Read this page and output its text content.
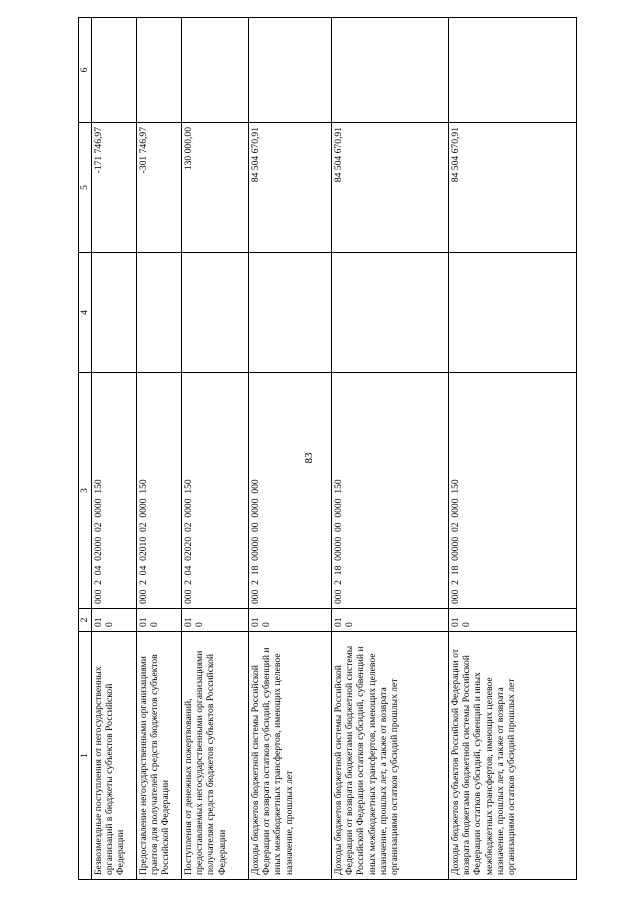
83
1	2	3	4	5	6
Безвозмездные поступления от негосударственных организаций в бюджеты субъектов Российской Федерации	010	000  2  04  02000  02  0000  150		-171 746,97	
Предоставление негосударственными организациями грантов для получателей средств бюджетов субъектов Российской Федерации	010	000  2  04  02010  02  0000  150		-301 746,97	
Поступления от денежных пожертвований, предоставляемых негосударственными организациями получателям средств бюджетов субъектов Российской Федерации	010	000  2  04  02020  02  0000  150		130 000,00	
Доходы бюджетов бюджетной системы Российской Федерации от возврата остатков субсидий, субвенций и иных межбюджетных трансфертов, имеющих целевое назначение, прошлых лет	010	000  2  18  00000  00  0000  000		84 504 670,91	
Доходы бюджетов бюджетной системы Российской Федерации от возврата бюджетами бюджетной системы Российской Федерации остатков субсидий, субвенций и иных межбюджетных трансфертов, имеющих целевое назначение, прошлых лет, а также от возврата организациями остатков субсидий прошлых лет	010	000  2  18  00000  00  0000  150		84 504 670,91	
Доходы бюджетов субъектов Российской Федерации от возврата бюджетами бюджетной системы Российской Федерации остатков субсидий, субвенций и иных межбюджетных трансфертов, имеющих целевое назначение, прошлых лет, а также от возврата организациями остатков субсидий прошлых лет	010	000  2  18  00000  02  0000  150		84 504 670,91	
